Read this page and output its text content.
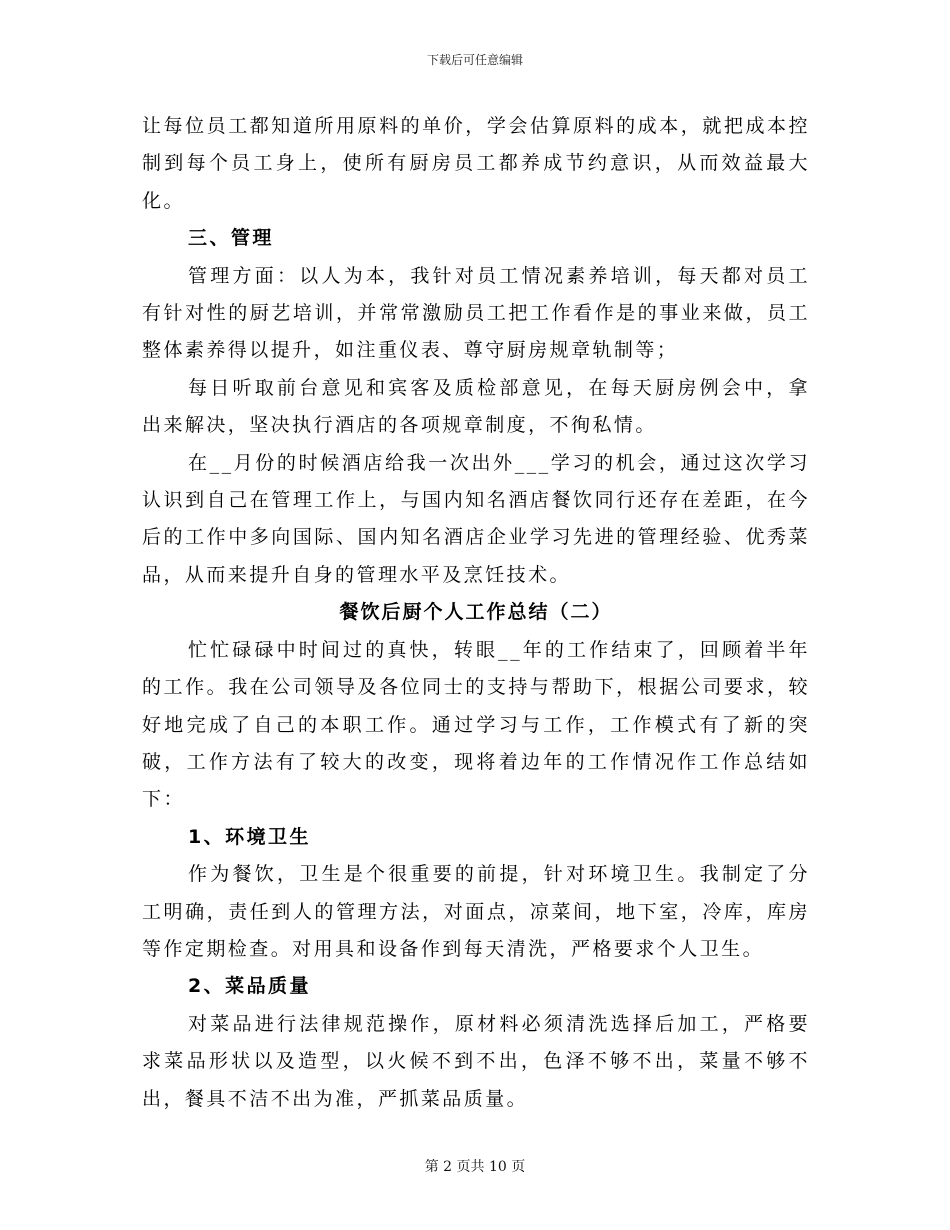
下载后可任意编辑

让每位员工都知道所用原料的单价，学会估算原料的成本，就把成本控制到每个员工身上，使所有厨房员工都养成节约意识，从而效益最大化。

三、管理

管理方面：以人为本，我针对员工情况素养培训，每天都对员工有针对性的厨艺培训，并常常激励员工把工作看作是的事业来做，员工整体素养得以提升，如注重仪表、尊守厨房规章轨制等；

每日听取前台意见和宾客及质检部意见，在每天厨房例会中，拿出来解决，坚决执行酒店的各项规章制度，不徇私情。

在__月份的时候酒店给我一次出外___学习的机会，通过这次学习认识到自己在管理工作上，与国内知名酒店餐饮同行还存在差距，在今后的工作中多向国际、国内知名酒店企业学习先进的管理经验、优秀菜品，从而来提升自身的管理水平及烹饪技术。

餐饮后厨个人工作总结（二）

忙忙碌碌中时间过的真快，转眼__年的工作结束了，回顾着半年的工作。我在公司领导及各位同士的支持与帮助下，根据公司要求，较好地完成了自己的本职工作。通过学习与工作，工作模式有了新的突破，工作方法有了较大的改变，现将着边年的工作情况作工作总结如下：

1、环境卫生

作为餐饮，卫生是个很重要的前提，针对环境卫生。我制定了分工明确，责任到人的管理方法，对面点，凉菜间，地下室，冷库，库房等作定期检查。对用具和设备作到每天清洗，严格要求个人卫生。

2、菜品质量

对菜品进行法律规范操作，原材料必须清洗选择后加工，严格要求菜品形状以及造型，以火候不到不出，色泽不够不出，菜量不够不出，餐具不洁不出为准，严抓菜品质量。

第 2 页共 10 页
